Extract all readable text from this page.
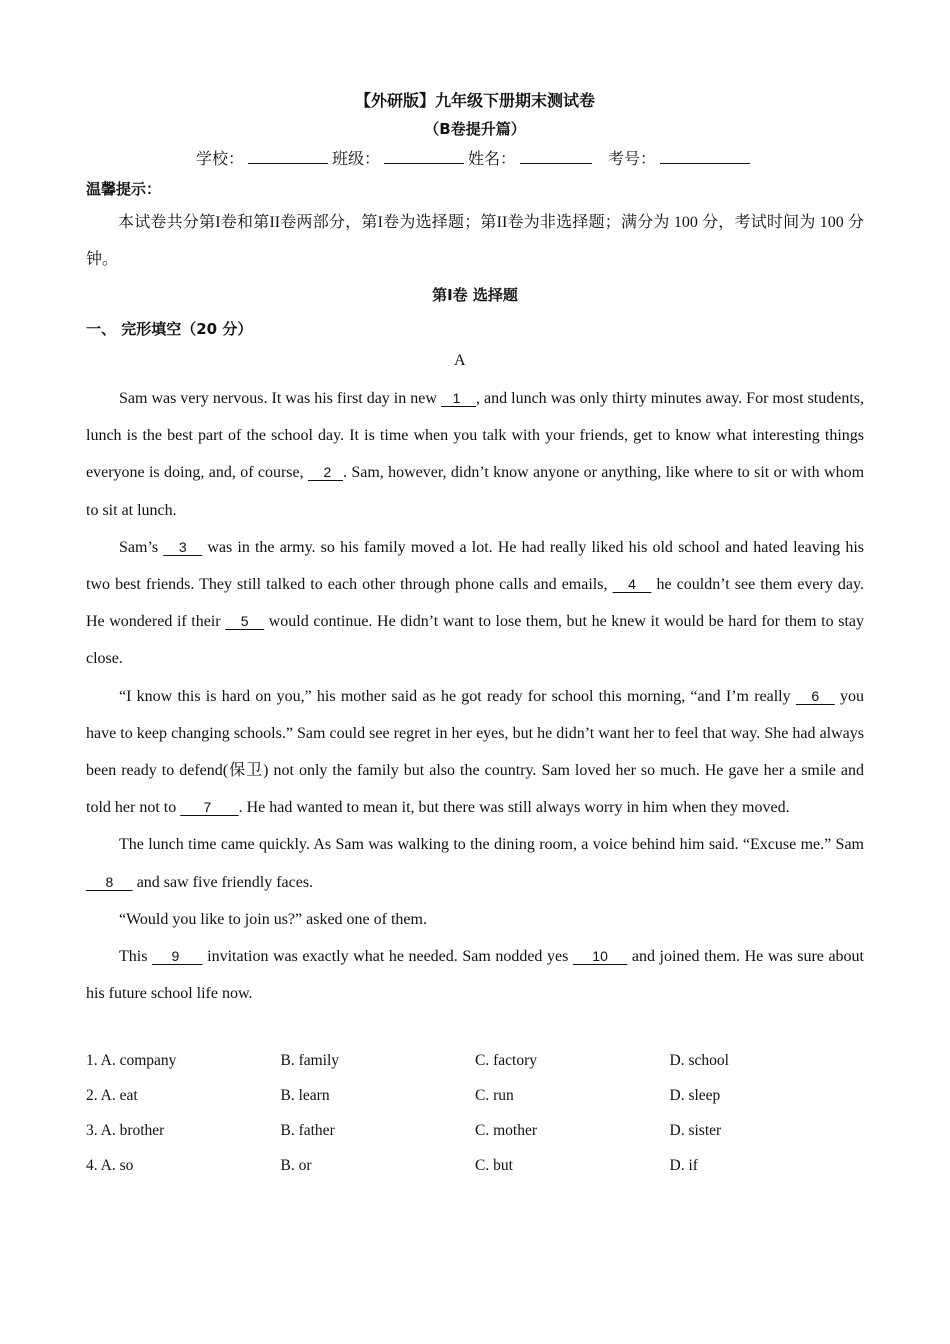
【外研版】九年级下册期末测试卷
（B卷提升篇）
学校：	班级：	姓名：	考号：
温馨提示：
本试卷共分第I卷和第II卷两部分，第I卷为选择题；第II卷为非选择题；满分为 100 分，考试时间为 100 分钟。
第I卷 选择题
一、 完形填空（20 分）
A

Sam was very nervous. It was his first day in new    1    , and lunch was only thirty minutes away. For most students, lunch is the best part of the school day. It is time when you talk with your friends, get to know what interesting things everyone is doing, and, of course,     2   . Sam, however, didn’t know anyone or anything, like where to sit or with whom to sit at lunch.

Sam’s     3     was in the army. so his family moved a lot. He had really liked his old school and hated leaving his two best friends. They still talked to each other through phone calls and emails,     4     he couldn’t see them every day. He wondered if their     5     would continue. He didn’t want to lose them, but he knew it would be hard for them to stay close.

“I know this is hard on you,” his mother said as he got ready for school this morning, “and I’m really     6     you have to keep changing schools.” Sam could see regret in her eyes, but he didn’t want her to feel that way. She had always been ready to defend(保卫) not only the family but also the country. Sam loved her so much. He gave her a smile and told her not to       7       . He had wanted to mean it, but there was still always worry in him when they moved.

The lunch time came quickly. As Sam was walking to the dining room, a voice behind him said. “Excuse me.” Sam      8      and saw five friendly faces.

“Would you like to join us?” asked one of them.

This      9       invitation was exactly what he needed. Sam nodded yes      10      and joined them. He was sure about his future school life now.

1. A. company	B. family	C. factory	D. school
2. A. eat	B. learn	C. run	D. sleep
3. A. brother	B. father	C. mother	D. sister
4. A. so	B. or	C. but	D. if
